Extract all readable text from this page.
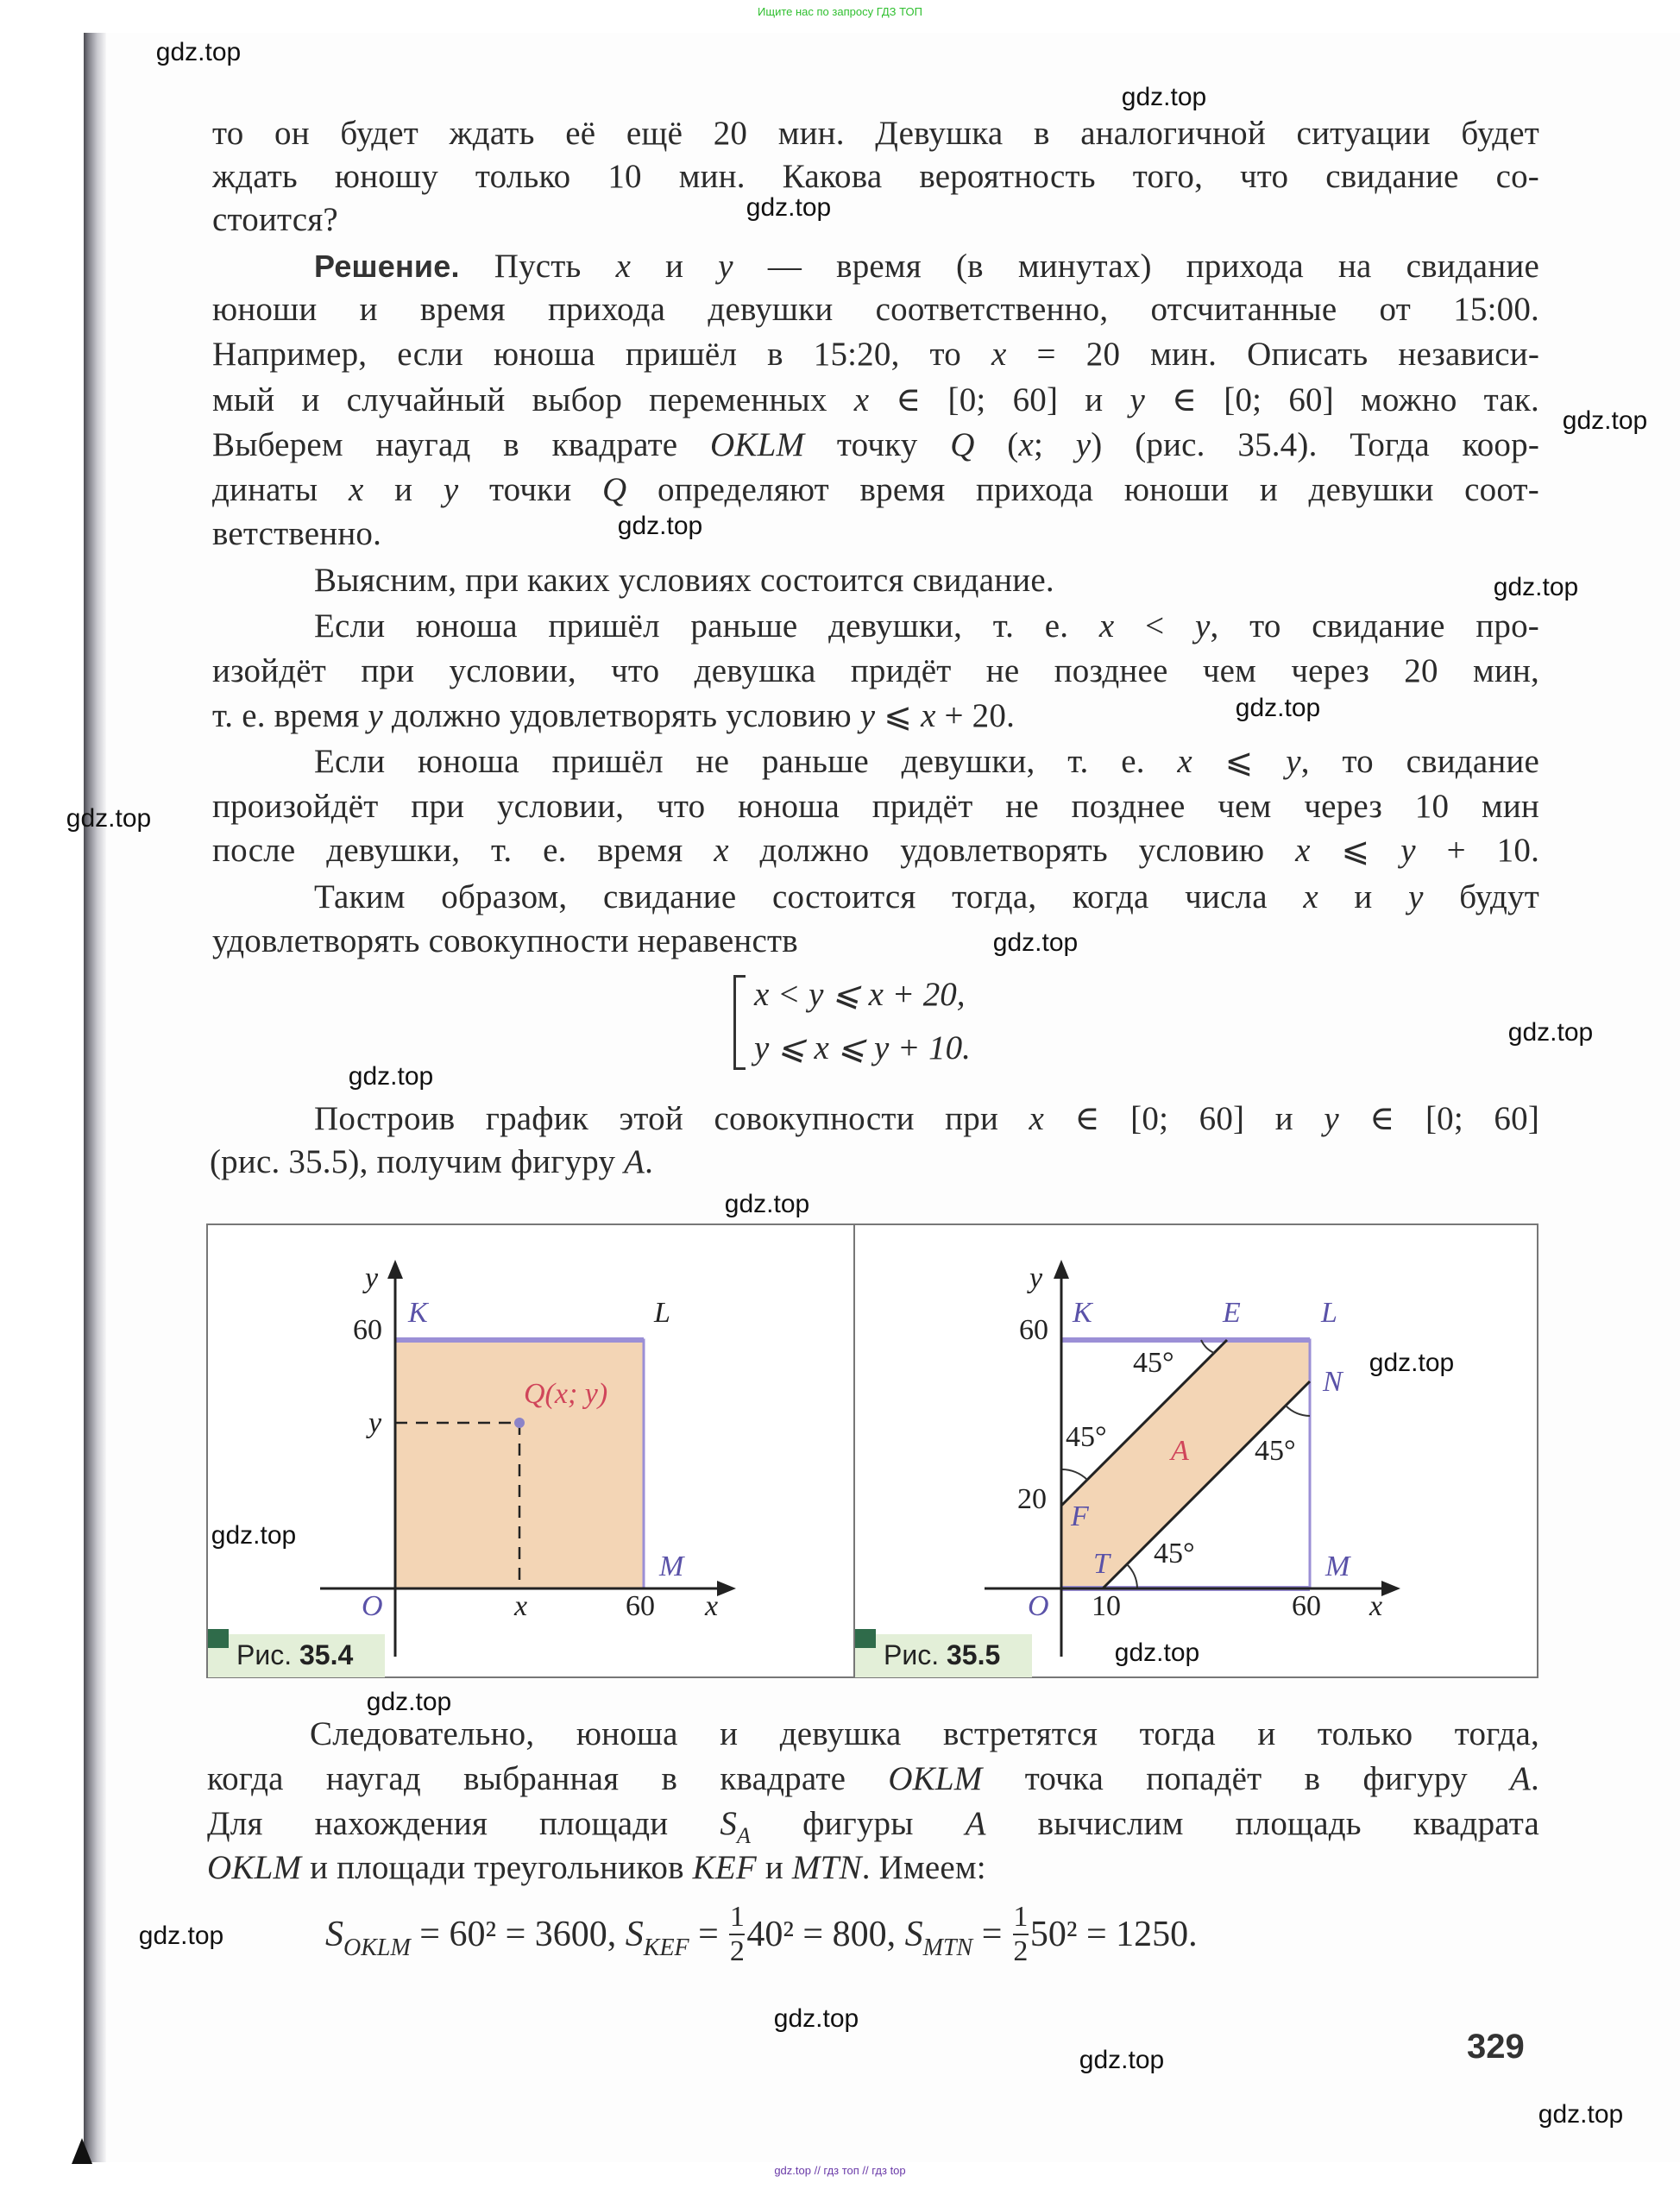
Ищите нас по запросу ГДЗ ТОП
то он будет ждать её ещё 20 мин. Девушка в аналогичной ситуации будет
ждать юношу только 10 мин. Какова вероятность того, что свидание со-
стоится?
Решение. Пусть x и y — время (в минутах) прихода на свидание
юноши и время прихода девушки соответственно, отсчитанные от 15:00.
Например, если юноша пришёл в 15:20, то x = 20 мин. Описать независи-
мый и случайный выбор переменных x ∈ [0; 60] и y ∈ [0; 60] можно так.
Выберем наугад в квадрате OKLM точку Q (x; y) (рис. 35.4). Тогда коор-
динаты x и y точки Q определяют время прихода юноши и девушки соот-
ветственно.
Выясним, при каких условиях состоится свидание.
Если юноша пришёл раньше девушки, т. е. x < y, то свидание про-
изойдёт при условии, что девушка придёт не позднее чем через 20 мин,
т. е. время y должно удовлетворять условию y ⩽ x + 20.
Если юноша пришёл не раньше девушки, т. е. x ⩽ y, то свидание
произойдёт при условии, что юноша придёт не позднее чем через 10 мин
после девушки, т. е. время x должно удовлетворять условию x ⩽ y + 10.
Таким образом, свидание состоится тогда, когда числа x и y будут
удовлетворять совокупности неравенств
Построив график этой совокупности при x ∈ [0; 60] и y ∈ [0; 60]
(рис. 35.5), получим фигуру A.
Следовательно, юноша и девушка встретятся тогда и только тогда,
когда наугад выбранная в квадрате OKLM точка попадёт в фигуру A.
Для нахождения площади $S_A$ фигуры A вычислим площадь квадрата
OKLM и площади треугольников KEF и MTN. Имеем:
x < y ⩽ x + 20,
y ⩽ x ⩽ y + 10.
y
K
60
L
Q(x; y)
y
M
O	x	60 x
Рис. 35.4
y
K	E	L
60
45°
N
45°	45°
A
20
F
T 45°	M
O 10	60 x
Рис. 35.5
SOKLM = 60² = 3600, SKEF = $\frac{1}{2} 40^2 = 800$, SMTN = $\frac{1}{2} 50^2 = 1250$.
329
gdz.top
gdz.top
gdz.top
gdz.top
gdz.top
gdz.top
gdz.top
gdz.top
gdz.top
gdz.top
gdz.top
gdz.top
gdz.top
gdz.top
gdz.top
gdz.top
gdz.top
gdz.top
gdz.top
gdz.top
gdz.top // гдз топ // гдз top
